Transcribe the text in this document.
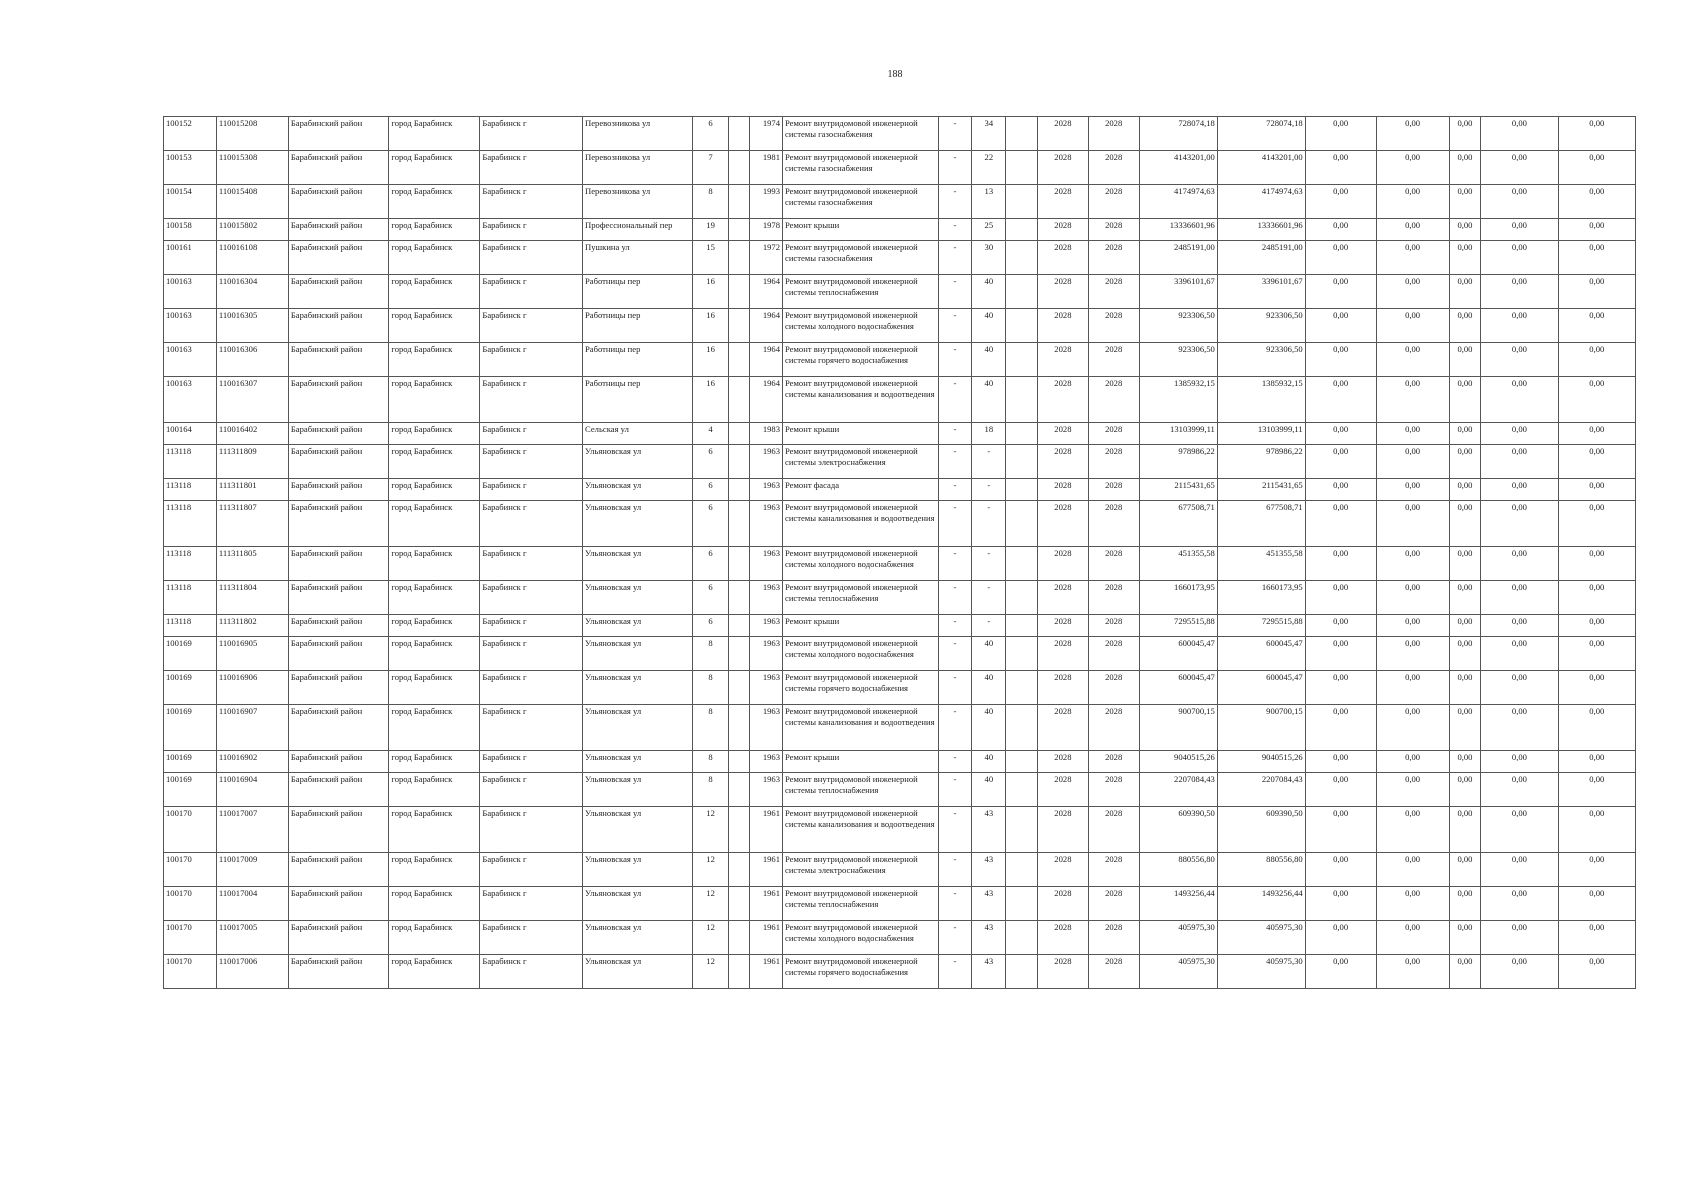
188
100152	110015208	Барабинский район	город Барабинск	Барабинск г	Перевозникова ул	6		1974	Ремонт внутридомовой инженерной системы газоснабжения	-	34		2028	2028	728074,18	728074,18	0,00	0,00	0,00	0,00	0,00
100153	110015308	Барабинский район	город Барабинск	Барабинск г	Перевозникова ул	7		1981	Ремонт внутридомовой инженерной системы газоснабжения	-	22		2028	2028	4143201,00	4143201,00	0,00	0,00	0,00	0,00	0,00
100154	110015408	Барабинский район	город Барабинск	Барабинск г	Перевозникова ул	8		1993	Ремонт внутридомовой инженерной системы газоснабжения	-	13		2028	2028	4174974,63	4174974,63	0,00	0,00	0,00	0,00	0,00
100158	110015802	Барабинский район	город Барабинск	Барабинск г	Профессиональный пер	19		1978	Ремонт крыши	-	25		2028	2028	13336601,96	13336601,96	0,00	0,00	0,00	0,00	0,00
100161	110016108	Барабинский район	город Барабинск	Барабинск г	Пушкина ул	15		1972	Ремонт внутридомовой инженерной системы газоснабжения	-	30		2028	2028	2485191,00	2485191,00	0,00	0,00	0,00	0,00	0,00
100163	110016304	Барабинский район	город Барабинск	Барабинск г	Работницы пер	16		1964	Ремонт внутридомовой инженерной системы теплоснабжения	-	40		2028	2028	3396101,67	3396101,67	0,00	0,00	0,00	0,00	0,00
100163	110016305	Барабинский район	город Барабинск	Барабинск г	Работницы пер	16		1964	Ремонт внутридомовой инженерной системы холодного водоснабжения	-	40		2028	2028	923306,50	923306,50	0,00	0,00	0,00	0,00	0,00
100163	110016306	Барабинский район	город Барабинск	Барабинск г	Работницы пер	16		1964	Ремонт внутридомовой инженерной системы горячего водоснабжения	-	40		2028	2028	923306,50	923306,50	0,00	0,00	0,00	0,00	0,00
100163	110016307	Барабинский район	город Барабинск	Барабинск г	Работницы пер	16		1964	Ремонт внутридомовой инженерной системы канализования и водоотведения	-	40		2028	2028	1385932,15	1385932,15	0,00	0,00	0,00	0,00	0,00
100164	110016402	Барабинский район	город Барабинск	Барабинск г	Сельская ул	4		1983	Ремонт крыши	-	18		2028	2028	13103999,11	13103999,11	0,00	0,00	0,00	0,00	0,00
113118	111311809	Барабинский район	город Барабинск	Барабинск г	Ульяновская ул	6		1963	Ремонт внутридомовой инженерной системы электроснабжения	-	-		2028	2028	978986,22	978986,22	0,00	0,00	0,00	0,00	0,00
113118	111311801	Барабинский район	город Барабинск	Барабинск г	Ульяновская ул	6		1963	Ремонт фасада	-	-		2028	2028	2115431,65	2115431,65	0,00	0,00	0,00	0,00	0,00
113118	111311807	Барабинский район	город Барабинск	Барабинск г	Ульяновская ул	6		1963	Ремонт внутридомовой инженерной системы канализования и водоотведения	-	-		2028	2028	677508,71	677508,71	0,00	0,00	0,00	0,00	0,00
113118	111311805	Барабинский район	город Барабинск	Барабинск г	Ульяновская ул	6		1963	Ремонт внутридомовой инженерной системы холодного водоснабжения	-	-		2028	2028	451355,58	451355,58	0,00	0,00	0,00	0,00	0,00
113118	111311804	Барабинский район	город Барабинск	Барабинск г	Ульяновская ул	6		1963	Ремонт внутридомовой инженерной системы теплоснабжения	-	-		2028	2028	1660173,95	1660173,95	0,00	0,00	0,00	0,00	0,00
113118	111311802	Барабинский район	город Барабинск	Барабинск г	Ульяновская ул	6		1963	Ремонт крыши	-	-		2028	2028	7295515,88	7295515,88	0,00	0,00	0,00	0,00	0,00
100169	110016905	Барабинский район	город Барабинск	Барабинск г	Ульяновская ул	8		1963	Ремонт внутридомовой инженерной системы холодного водоснабжения	-	40		2028	2028	600045,47	600045,47	0,00	0,00	0,00	0,00	0,00
100169	110016906	Барабинский район	город Барабинск	Барабинск г	Ульяновская ул	8		1963	Ремонт внутридомовой инженерной системы горячего водоснабжения	-	40		2028	2028	600045,47	600045,47	0,00	0,00	0,00	0,00	0,00
100169	110016907	Барабинский район	город Барабинск	Барабинск г	Ульяновская ул	8		1963	Ремонт внутридомовой инженерной системы канализования и водоотведения	-	40		2028	2028	900700,15	900700,15	0,00	0,00	0,00	0,00	0,00
100169	110016902	Барабинский район	город Барабинск	Барабинск г	Ульяновская ул	8		1963	Ремонт крыши	-	40		2028	2028	9040515,26	9040515,26	0,00	0,00	0,00	0,00	0,00
100169	110016904	Барабинский район	город Барабинск	Барабинск г	Ульяновская ул	8		1963	Ремонт внутридомовой инженерной системы теплоснабжения	-	40		2028	2028	2207084,43	2207084,43	0,00	0,00	0,00	0,00	0,00
100170	110017007	Барабинский район	город Барабинск	Барабинск г	Ульяновская ул	12		1961	Ремонт внутридомовой инженерной системы канализования и водоотведения	-	43		2028	2028	609390,50	609390,50	0,00	0,00	0,00	0,00	0,00
100170	110017009	Барабинский район	город Барабинск	Барабинск г	Ульяновская ул	12		1961	Ремонт внутридомовой инженерной системы электроснабжения	-	43		2028	2028	880556,80	880556,80	0,00	0,00	0,00	0,00	0,00
100170	110017004	Барабинский район	город Барабинск	Барабинск г	Ульяновская ул	12		1961	Ремонт внутридомовой инженерной системы теплоснабжения	-	43		2028	2028	1493256,44	1493256,44	0,00	0,00	0,00	0,00	0,00
100170	110017005	Барабинский район	город Барабинск	Барабинск г	Ульяновская ул	12		1961	Ремонт внутридомовой инженерной системы холодного водоснабжения	-	43		2028	2028	405975,30	405975,30	0,00	0,00	0,00	0,00	0,00
100170	110017006	Барабинский район	город Барабинск	Барабинск г	Ульяновская ул	12		1961	Ремонт внутридомовой инженерной системы горячего водоснабжения	-	43		2028	2028	405975,30	405975,30	0,00	0,00	0,00	0,00	0,00
